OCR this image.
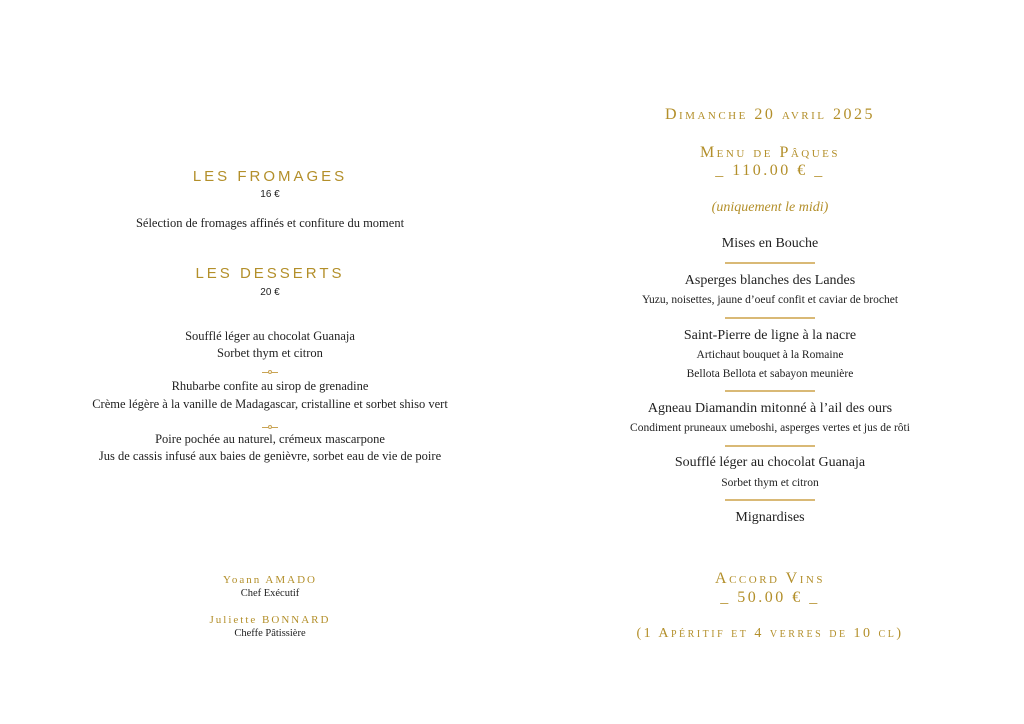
LES FROMAGES
16 €
Sélection de fromages affinés et confiture du moment
LES DESSERTS
20 €
Soufflé léger au chocolat Guanaja
Sorbet thym et citron
Rhubarbe confite au sirop de grenadine
Crème légère à la vanille de Madagascar, cristalline et sorbet shiso vert
Poire pochée au naturel, crémeux mascarpone
Jus de cassis infusé aux baies de genièvre, sorbet eau de vie de poire
Yoann AMADO
Chef Exécutif
Juliette BONNARD
Cheffe Pâtissière
Dimanche 20 avril 2025
Menu de Pâques
_ 110.00 € _
(uniquement le midi)
Mises en Bouche
Asperges blanches des Landes
Yuzu, noisettes, jaune d’oeuf confit et caviar de brochet
Saint-Pierre de ligne à la nacre
Artichaut bouquet à la Romaine
Bellota Bellota et sabayon meunière
Agneau Diamandin mitonné à l’ail des ours
Condiment pruneaux umeboshi, asperges vertes et jus de rôti
Soufflé léger au chocolat Guanaja
Sorbet thym et citron
Mignardises
Accord Vins
_ 50.00 € _
(1 Apéritif et 4 verres de 10 cl)
